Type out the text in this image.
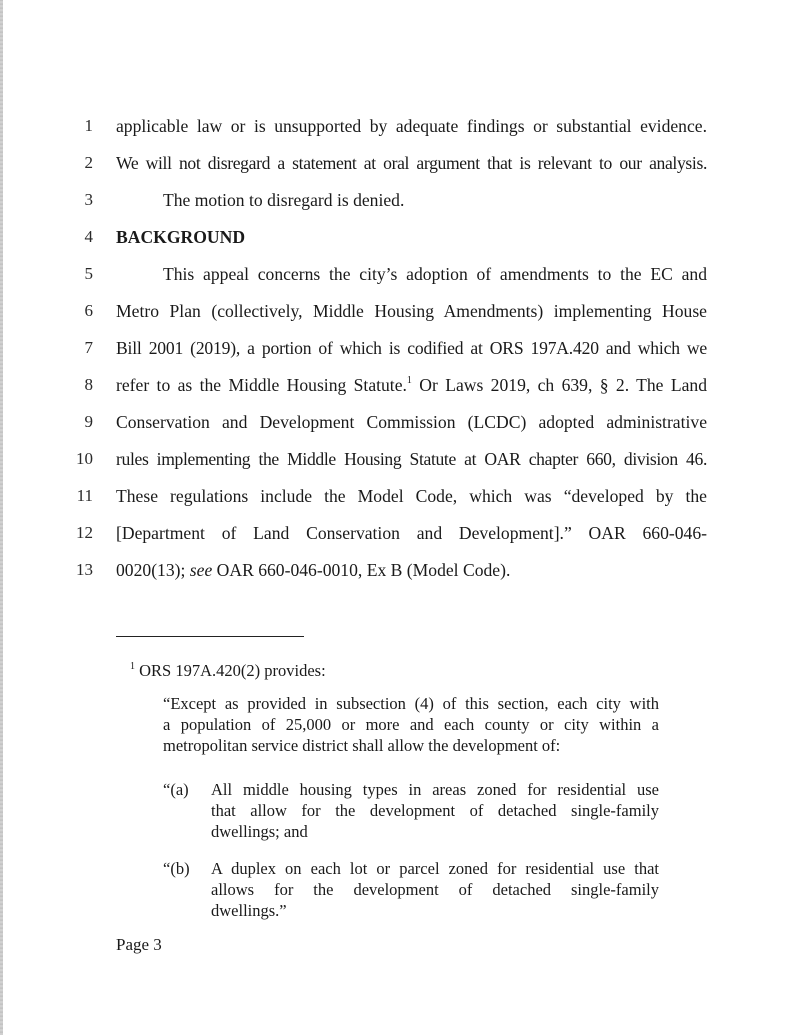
1 applicable law or is unsupported by adequate findings or substantial evidence.
2 We will not disregard a statement at oral argument that is relevant to our analysis.
3	The motion to disregard is denied.
4 BACKGROUND
5	This appeal concerns the city’s adoption of amendments to the EC and
6 Metro Plan (collectively, Middle Housing Amendments) implementing House
7 Bill 2001 (2019), a portion of which is codified at ORS 197A.420 and which we
8 refer to as the Middle Housing Statute.$^1$ Or Laws 2019, ch 639, § 2. The Land
9 Conservation and Development Commission (LCDC) adopted administrative
10 rules implementing the Middle Housing Statute at OAR chapter 660, division 46.
11 These regulations include the Model Code, which was “developed by the
12 [Department of Land Conservation and Development].” OAR 660-046-
13 0020(13); see OAR 660-046-0010, Ex B (Model Code).
$^1$ ORS 197A.420(2) provides:
“Except as provided in subsection (4) of this section, each city with
a population of 25,000 or more and each county or city within a
metropolitan service district shall allow the development of:
“(a) All middle housing types in areas zoned for residential use
that allow for the development of detached single-family
dwellings; and
“(b) A duplex on each lot or parcel zoned for residential use that
allows for the development of detached single-family
dwellings.”
Page 3
